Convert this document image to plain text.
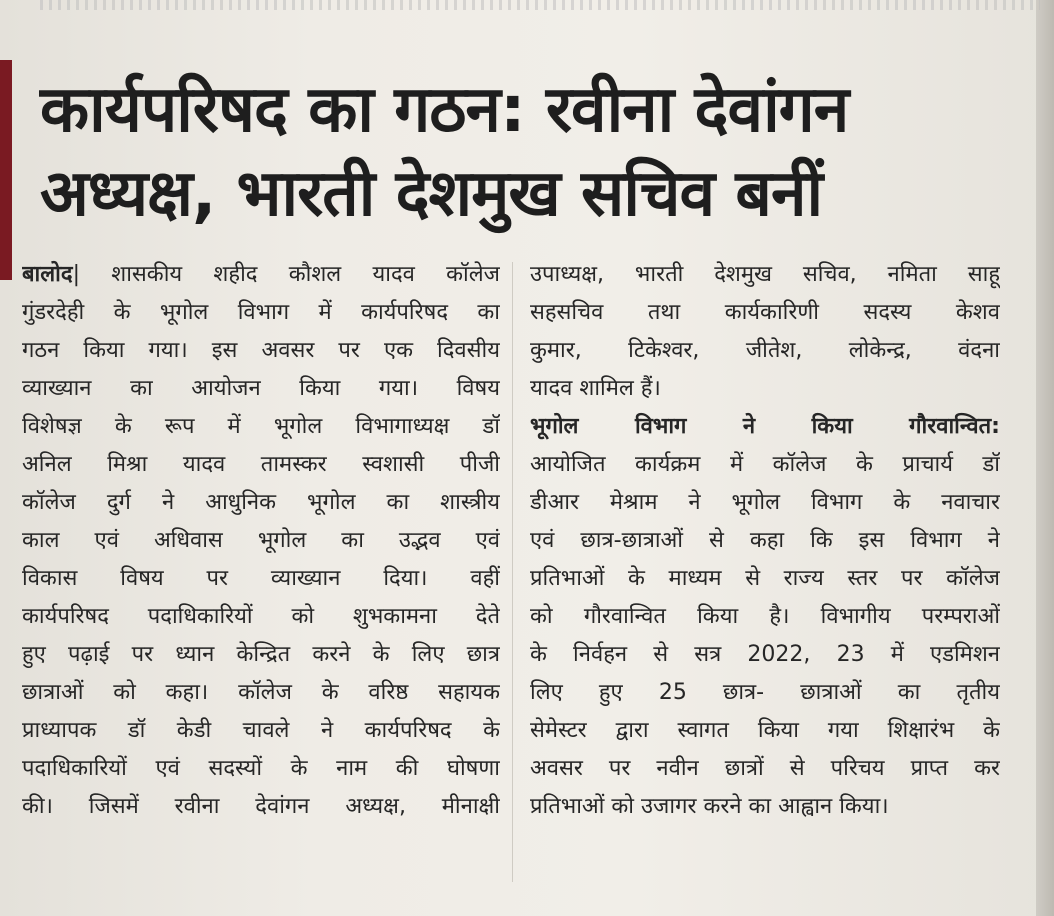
कार्यपरिषद का गठन: रवीना देवांगन
अध्यक्ष, भारती देशमुख सचिव बनीं
बालोद| शासकीय शहीद कौशल यादव कॉलेज
गुंडरदेही के भूगोल विभाग में कार्यपरिषद का
गठन किया गया। इस अवसर पर एक दिवसीय
व्याख्यान का आयोजन किया गया। विषय
विशेषज्ञ के रूप में भूगोल विभागाध्यक्ष डॉ
अनिल मिश्रा यादव तामस्कर स्वशासी पीजी
कॉलेज दुर्ग ने आधुनिक भूगोल का शास्त्रीय
काल एवं अधिवास भूगोल का उद्भव एवं
विकास विषय पर व्याख्यान दिया। वहीं
कार्यपरिषद पदाधिकारियों को शुभकामना देते
हुए पढ़ाई पर ध्यान केन्द्रित करने के लिए छात्र
छात्राओं को कहा। कॉलेज के वरिष्ठ सहायक
प्राध्यापक डॉ केडी चावले ने कार्यपरिषद के
पदाधिकारियों एवं सदस्यों के नाम की घोषणा
की। जिसमें रवीना देवांगन अध्यक्ष, मीनाक्षी
उपाध्यक्ष, भारती देशमुख सचिव, नमिता साहू
सहसचिव तथा कार्यकारिणी सदस्य केशव
कुमार, टिकेश्वर, जीतेश, लोकेन्द्र, वंदना
यादव शामिल हैं।
भूगोल विभाग ने किया गौरवान्वित:
आयोजित कार्यक्रम में कॉलेज के प्राचार्य डॉ
डीआर मेश्राम ने भूगोल विभाग के नवाचार
एवं छात्र-छात्राओं से कहा कि इस विभाग ने
प्रतिभाओं के माध्यम से राज्य स्तर पर कॉलेज
को गौरवान्वित किया है। विभागीय परम्पराओं
के निर्वहन से सत्र 2022, 23 में एडमिशन
लिए हुए 25 छात्र- छात्राओं का तृतीय
सेमेस्टर द्वारा स्वागत किया गया शिक्षारंभ के
अवसर पर नवीन छात्रों से परिचय प्राप्त कर
प्रतिभाओं को उजागर करने का आह्वान किया।
